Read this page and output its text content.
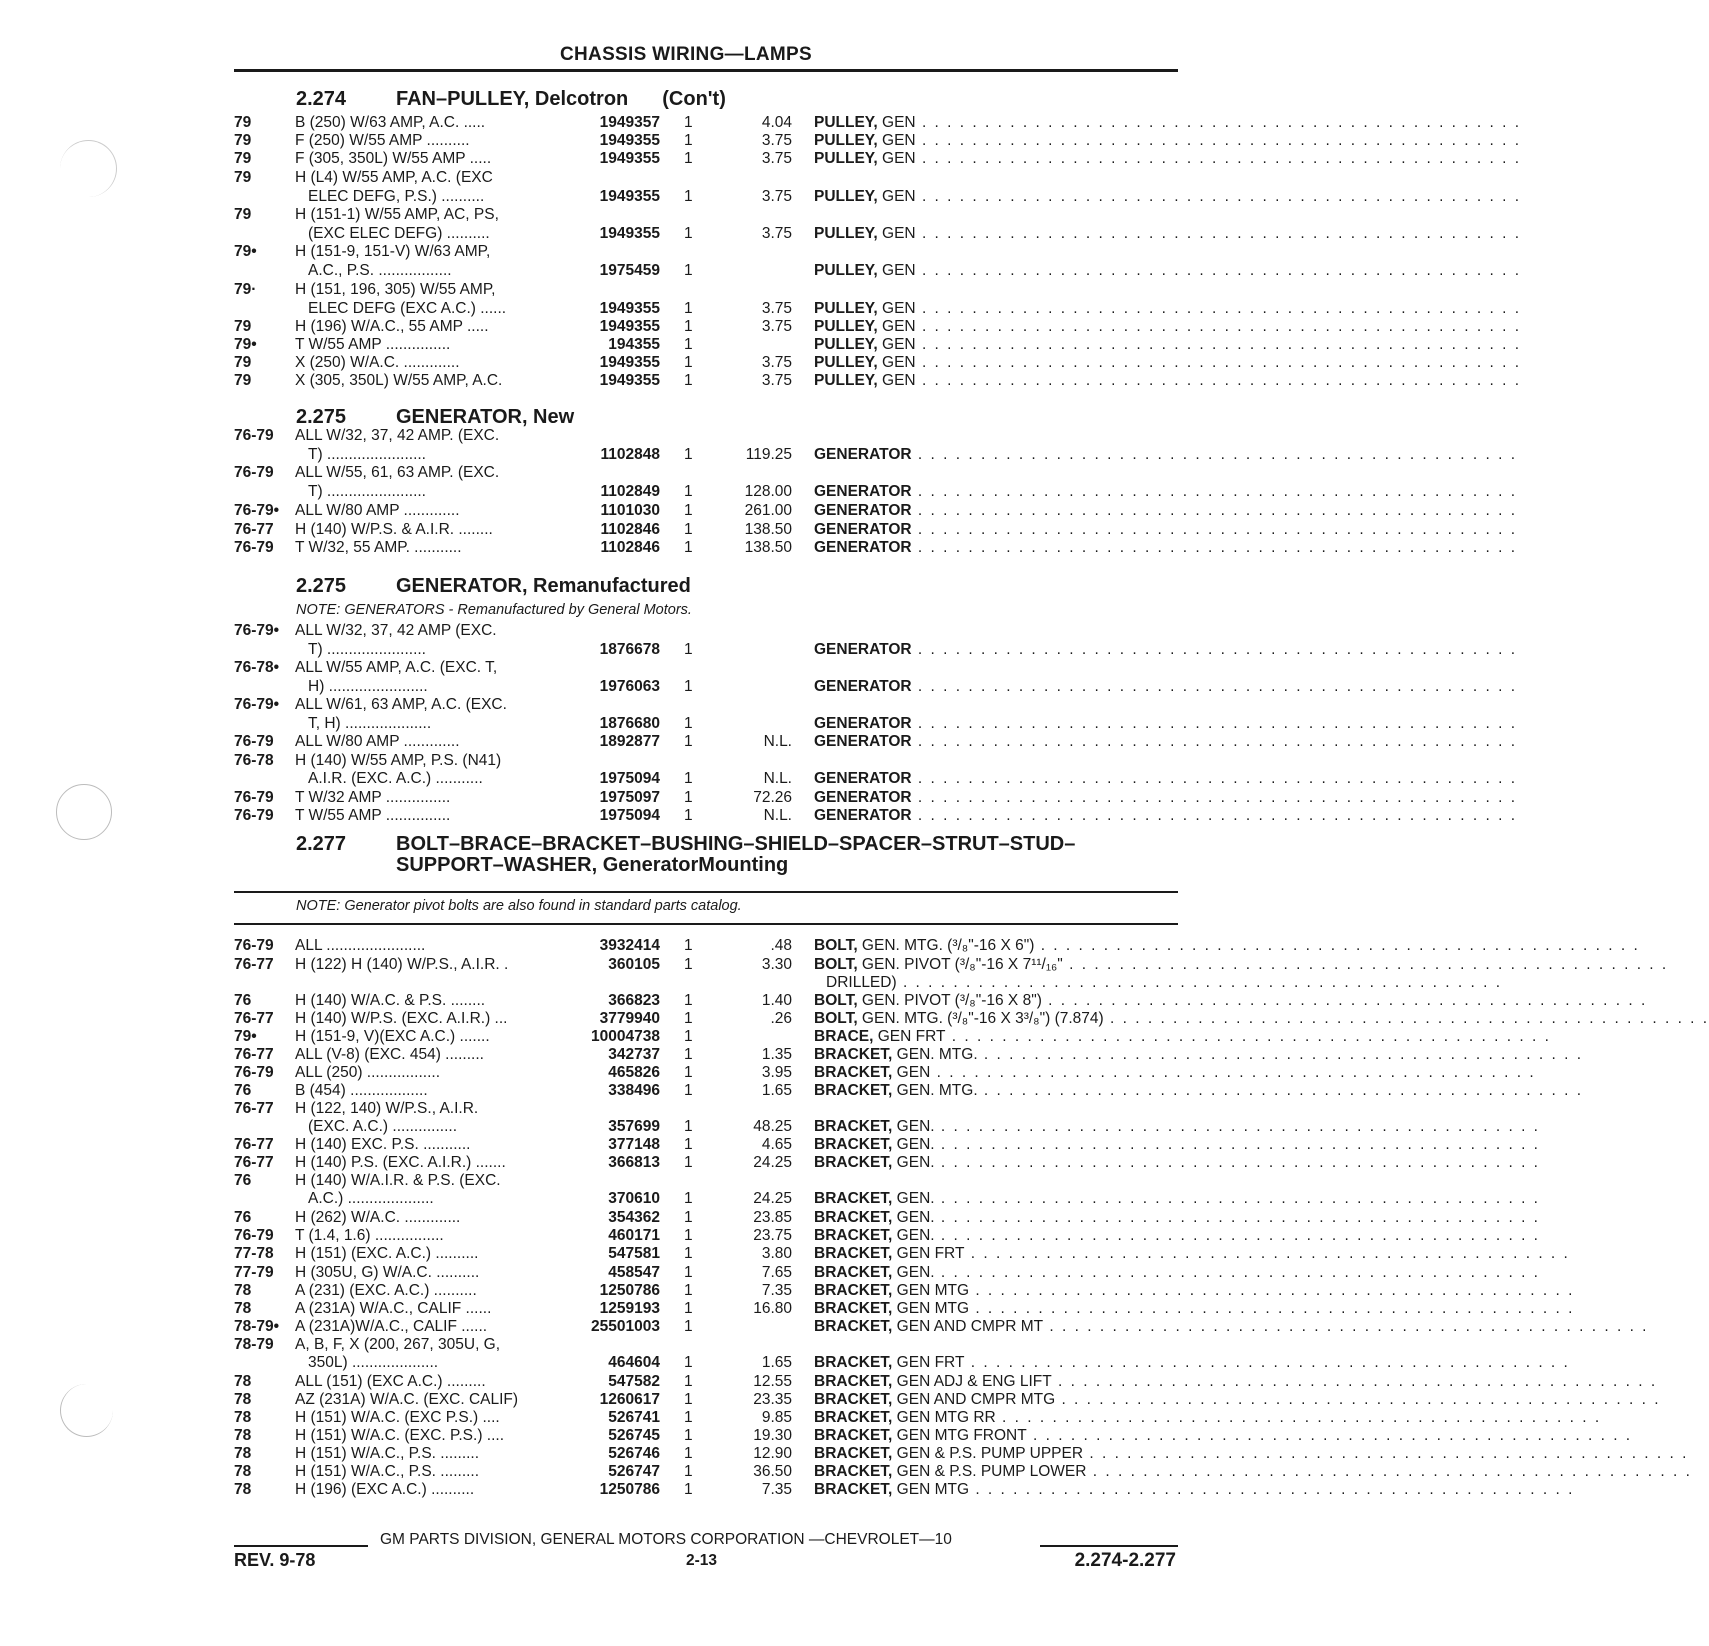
CHASSIS WIRING—LAMPS
2.274 FAN–PULLEY, Delcotron (Con't)
2.275 GENERATOR, New
2.275 GENERATOR, Remanufactured
NOTE: GENERATORS - Remanufactured by General Motors.
2.277 BOLT–BRACE–BRACKET–BUSHING–SHIELD–SPACER–STRUT–STUD–
SUPPORT–WASHER, GeneratorMounting
NOTE: Generator pivot bolts are also found in standard parts catalog.
79	B (250) W/63 AMP, A.C. .....	1949357 1	4.04 PULLEY, GEN . . . . . . . . . . . . . . . . . . . . . . . . . . . . . . . . . . . . . . . . . . . . . . . .
79	F (250) W/55 AMP ..........	1949355 1	3.75 PULLEY, GEN . . . . . . . . . . . . . . . . . . . . . . . . . . . . . . . . . . . . . . . . . . . . . . . .
79	F (305, 350L) W/55 AMP .....	1949355 1	3.75 PULLEY, GEN . . . . . . . . . . . . . . . . . . . . . . . . . . . . . . . . . . . . . . . . . . . . . . . .
79	H (L4) W/55 AMP, A.C. (EXC
ELEC DEFG, P.S.) ..........	1949355 1	3.75 PULLEY, GEN . . . . . . . . . . . . . . . . . . . . . . . . . . . . . . . . . . . . . . . . . . . . . . . .
79	H (151-1) W/55 AMP, AC, PS,
(EXC ELEC DEFG) ..........	1949355 1	3.75 PULLEY, GEN . . . . . . . . . . . . . . . . . . . . . . . . . . . . . . . . . . . . . . . . . . . . . . . .
79• H (151-9, 151-V) W/63 AMP,
A.C., P.S. .................	1975459 1	PULLEY, GEN . . . . . . . . . . . . . . . . . . . . . . . . . . . . . . . . . . . . . . . . . . . . . . . .
79· H (151, 196, 305) W/55 AMP,
ELEC DEFG (EXC A.C.) ......	1949355 1	3.75 PULLEY, GEN . . . . . . . . . . . . . . . . . . . . . . . . . . . . . . . . . . . . . . . . . . . . . . . .
79	H (196) W/A.C., 55 AMP .....	1949355 1	3.75 PULLEY, GEN . . . . . . . . . . . . . . . . . . . . . . . . . . . . . . . . . . . . . . . . . . . . . . . .
79• T W/55 AMP ...............	194355 1	PULLEY, GEN . . . . . . . . . . . . . . . . . . . . . . . . . . . . . . . . . . . . . . . . . . . . . . . .
79	X (250) W/A.C. .............	1949355 1	3.75 PULLEY, GEN . . . . . . . . . . . . . . . . . . . . . . . . . . . . . . . . . . . . . . . . . . . . . . . .
79	X (305, 350L) W/55 AMP, A.C.	1949355 1	3.75 PULLEY, GEN . . . . . . . . . . . . . . . . . . . . . . . . . . . . . . . . . . . . . . . . . . . . . . . .
76-79 ALL W/32, 37, 42 AMP. (EXC.
T) .......................	1102848 1	119.25 GENERATOR . . . . . . . . . . . . . . . . . . . . . . . . . . . . . . . . . . . . . . . . . . . . . . . .
76-79 ALL W/55, 61, 63 AMP. (EXC.
T) .......................	1102849 1	128.00 GENERATOR . . . . . . . . . . . . . . . . . . . . . . . . . . . . . . . . . . . . . . . . . . . . . . . .
76-79• ALL W/80 AMP .............	1101030 1	261.00 GENERATOR . . . . . . . . . . . . . . . . . . . . . . . . . . . . . . . . . . . . . . . . . . . . . . . .
76-77 H (140) W/P.S. & A.I.R. ........	1102846 1	138.50 GENERATOR . . . . . . . . . . . . . . . . . . . . . . . . . . . . . . . . . . . . . . . . . . . . . . . .
76-79 T W/32, 55 AMP. ...........	1102846 1	138.50 GENERATOR . . . . . . . . . . . . . . . . . . . . . . . . . . . . . . . . . . . . . . . . . . . . . . . .
76-79• ALL W/32, 37, 42 AMP (EXC.
T) .......................	1876678 1	GENERATOR . . . . . . . . . . . . . . . . . . . . . . . . . . . . . . . . . . . . . . . . . . . . . . . .
76-78• ALL W/55 AMP, A.C. (EXC. T,
H) .......................	1976063 1	GENERATOR . . . . . . . . . . . . . . . . . . . . . . . . . . . . . . . . . . . . . . . . . . . . . . . .
76-79• ALL W/61, 63 AMP, A.C. (EXC.
T, H) ....................	1876680 1	GENERATOR . . . . . . . . . . . . . . . . . . . . . . . . . . . . . . . . . . . . . . . . . . . . . . . .
76-79 ALL W/80 AMP .............	1892877 1	N.L. GENERATOR . . . . . . . . . . . . . . . . . . . . . . . . . . . . . . . . . . . . . . . . . . . . . . . .
76-78 H (140) W/55 AMP, P.S. (N41)
A.I.R. (EXC. A.C.) ...........	1975094 1	N.L. GENERATOR . . . . . . . . . . . . . . . . . . . . . . . . . . . . . . . . . . . . . . . . . . . . . . . .
76-79 T W/32 AMP ...............	1975097 1	72.26 GENERATOR . . . . . . . . . . . . . . . . . . . . . . . . . . . . . . . . . . . . . . . . . . . . . . . .
76-79 T W/55 AMP ...............	1975094 1	N.L. GENERATOR . . . . . . . . . . . . . . . . . . . . . . . . . . . . . . . . . . . . . . . . . . . . . . . .
76-79 ALL .......................	3932414 1	.48 BOLT, GEN. MTG. (³/₈"-16 X 6") . . . . . . . . . . . . . . . . . . . . . . . . . . . . . . . . . . . . . . . . . . . . . . . .
76-77 H (122) H (140) W/P.S., A.I.R. .	360105 1	3.30 BOLT, GEN. PIVOT (³/₈"-16 X 7¹¹/₁₆" . . . . . . . . . . . . . . . . . . . . . . . . . . . . . . . . . . . . . . . . . . . . . . . .
DRILLED) . . . . . . . . . . . . . . . . . . . . . . . . . . . . . . . . . . . . . . . . . . . . . . . .
76	H (140) W/A.C. & P.S. ........	366823 1	1.40 BOLT, GEN. PIVOT (³/₈"-16 X 8") . . . . . . . . . . . . . . . . . . . . . . . . . . . . . . . . . . . . . . . . . . . . . . . .
76-77 H (140) W/P.S. (EXC. A.I.R.) ...	3779940 1	.26 BOLT, GEN. MTG. (³/₈"-16 X 3³/₈") (7.874) . . . . . . . . . . . . . . . . . . . . . . . . . . . . . . . . . . . . . . . . . . . . . . . .
79• H (151-9, V)(EXC A.C.) .......	10004738 1	BRACE, GEN FRT . . . . . . . . . . . . . . . . . . . . . . . . . . . . . . . . . . . . . . . . . . . . . . . .
76-77 ALL (V-8) (EXC. 454) .........	342737 1	1.35 BRACKET, GEN. MTG. . . . . . . . . . . . . . . . . . . . . . . . . . . . . . . . . . . . . . . . . . . . . . . . .
76-79 ALL (250) .................	465826 1	3.95 BRACKET, GEN . . . . . . . . . . . . . . . . . . . . . . . . . . . . . . . . . . . . . . . . . . . . . . . .
76	B (454) ..................	338496 1	1.65 BRACKET, GEN. MTG. . . . . . . . . . . . . . . . . . . . . . . . . . . . . . . . . . . . . . . . . . . . . . . . .
76-77 H (122, 140) W/P.S., A.I.R.
(EXC. A.C.) ...............	357699 1	48.25 BRACKET, GEN. . . . . . . . . . . . . . . . . . . . . . . . . . . . . . . . . . . . . . . . . . . . . . . . .
76-77 H (140) EXC. P.S. ...........	377148 1	4.65 BRACKET, GEN. . . . . . . . . . . . . . . . . . . . . . . . . . . . . . . . . . . . . . . . . . . . . . . . .
76-77 H (140) P.S. (EXC. A.I.R.) .......	366813 1	24.25 BRACKET, GEN. . . . . . . . . . . . . . . . . . . . . . . . . . . . . . . . . . . . . . . . . . . . . . . . .
76	H (140) W/A.I.R. & P.S. (EXC.
A.C.) ....................	370610 1	24.25 BRACKET, GEN. . . . . . . . . . . . . . . . . . . . . . . . . . . . . . . . . . . . . . . . . . . . . . . . .
76	H (262) W/A.C. .............	354362 1	23.85 BRACKET, GEN. . . . . . . . . . . . . . . . . . . . . . . . . . . . . . . . . . . . . . . . . . . . . . . . .
76-79 T (1.4, 1.6) ................	460171 1	23.75 BRACKET, GEN. . . . . . . . . . . . . . . . . . . . . . . . . . . . . . . . . . . . . . . . . . . . . . . . .
77-78 H (151) (EXC. A.C.) ..........	547581 1	3.80 BRACKET, GEN FRT . . . . . . . . . . . . . . . . . . . . . . . . . . . . . . . . . . . . . . . . . . . . . . . .
77-79 H (305U, G) W/A.C. ..........	458547 1	7.65 BRACKET, GEN. . . . . . . . . . . . . . . . . . . . . . . . . . . . . . . . . . . . . . . . . . . . . . . . .
78	A (231) (EXC. A.C.) ..........	1250786 1	7.35 BRACKET, GEN MTG . . . . . . . . . . . . . . . . . . . . . . . . . . . . . . . . . . . . . . . . . . . . . . . .
78	A (231A) W/A.C., CALIF ......	1259193 1	16.80 BRACKET, GEN MTG . . . . . . . . . . . . . . . . . . . . . . . . . . . . . . . . . . . . . . . . . . . . . . . .
78-79• A (231A)W/A.C., CALIF ......	25501003 1	BRACKET, GEN AND CMPR MT . . . . . . . . . . . . . . . . . . . . . . . . . . . . . . . . . . . . . . . . . . . . . . . .
78-79 A, B, F, X (200, 267, 305U, G,
350L) ....................	464604 1	1.65 BRACKET, GEN FRT . . . . . . . . . . . . . . . . . . . . . . . . . . . . . . . . . . . . . . . . . . . . . . . .
78	ALL (151) (EXC A.C.) .........	547582 1	12.55 BRACKET, GEN ADJ & ENG LIFT . . . . . . . . . . . . . . . . . . . . . . . . . . . . . . . . . . . . . . . . . . . . . . . .
78	AZ (231A) W/A.C. (EXC. CALIF)	1260617 1	23.35 BRACKET, GEN AND CMPR MTG . . . . . . . . . . . . . . . . . . . . . . . . . . . . . . . . . . . . . . . . . . . . . . . .
78	H (151) W/A.C. (EXC P.S.) ....	526741 1	9.85 BRACKET, GEN MTG RR . . . . . . . . . . . . . . . . . . . . . . . . . . . . . . . . . . . . . . . . . . . . . . . .
78	H (151) W/A.C. (EXC. P.S.) ....	526745 1	19.30 BRACKET, GEN MTG FRONT . . . . . . . . . . . . . . . . . . . . . . . . . . . . . . . . . . . . . . . . . . . . . . . .
78	H (151) W/A.C., P.S. .........	526746 1	12.90 BRACKET, GEN & P.S. PUMP UPPER . . . . . . . . . . . . . . . . . . . . . . . . . . . . . . . . . . . . . . . . . . . . . . . .
78	H (151) W/A.C., P.S. .........	526747 1	36.50 BRACKET, GEN & P.S. PUMP LOWER . . . . . . . . . . . . . . . . . . . . . . . . . . . . . . . . . . . . . . . . . . . . . . . .
78	H (196) (EXC A.C.) ..........	1250786 1	7.35 BRACKET, GEN MTG . . . . . . . . . . . . . . . . . . . . . . . . . . . . . . . . . . . . . . . . . . . . . . . .
GM PARTS DIVISION, GENERAL MOTORS CORPORATION —CHEVROLET—10
REV. 9-78	2-13	2.274-2.277
